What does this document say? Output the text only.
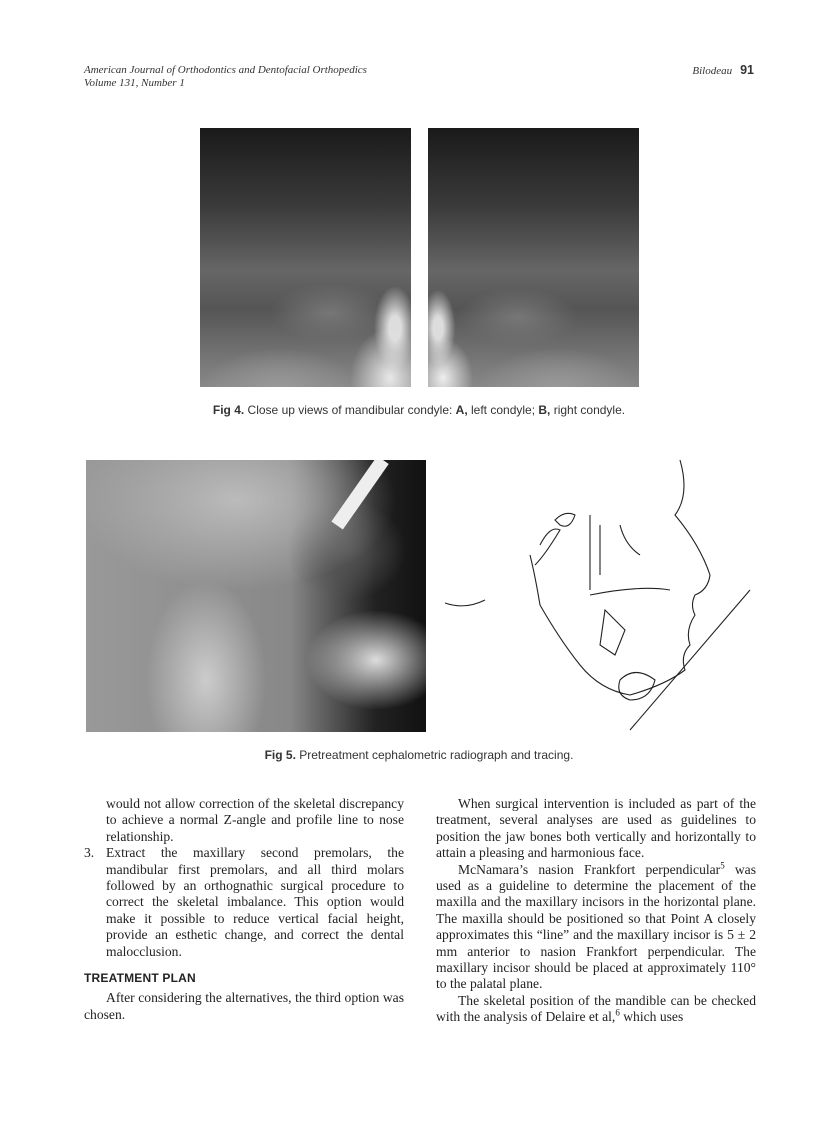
American Journal of Orthodontics and Dentofacial Orthopedics
Volume 131, Number 1
Bilodeau 91
Fig 4. Close up views of mandibular condyle: A, left condyle; B, right condyle.
Fig 5. Pretreatment cephalometric radiograph and tracing.

would not allow correction of the skeletal discrepancy to achieve a normal Z-angle and profile line to nose relationship.

3. Extract the maxillary second premolars, the mandibular first premolars, and all third molars followed by an orthognathic surgical procedure to correct the skeletal imbalance. This option would make it possible to reduce vertical facial height, provide an esthetic change, and correct the dental malocclusion.

TREATMENT PLAN

After considering the alternatives, the third option was chosen.

When surgical intervention is included as part of the treatment, several analyses are used as guidelines to position the jaw bones both vertically and horizontally to attain a pleasing and harmonious face.

McNamara’s nasion Frankfort perpendicular$^5$ was used as a guideline to determine the placement of the maxilla and the maxillary incisors in the horizontal plane. The maxilla should be positioned so that Point A closely approximates this “line” and the maxillary incisor is 5 ± 2 mm anterior to nasion Frankfort perpendicular. The maxillary incisor should be placed at approximately 110° to the palatal plane.

The skeletal position of the mandible can be checked with the analysis of Delaire et al,$^6$ which uses
